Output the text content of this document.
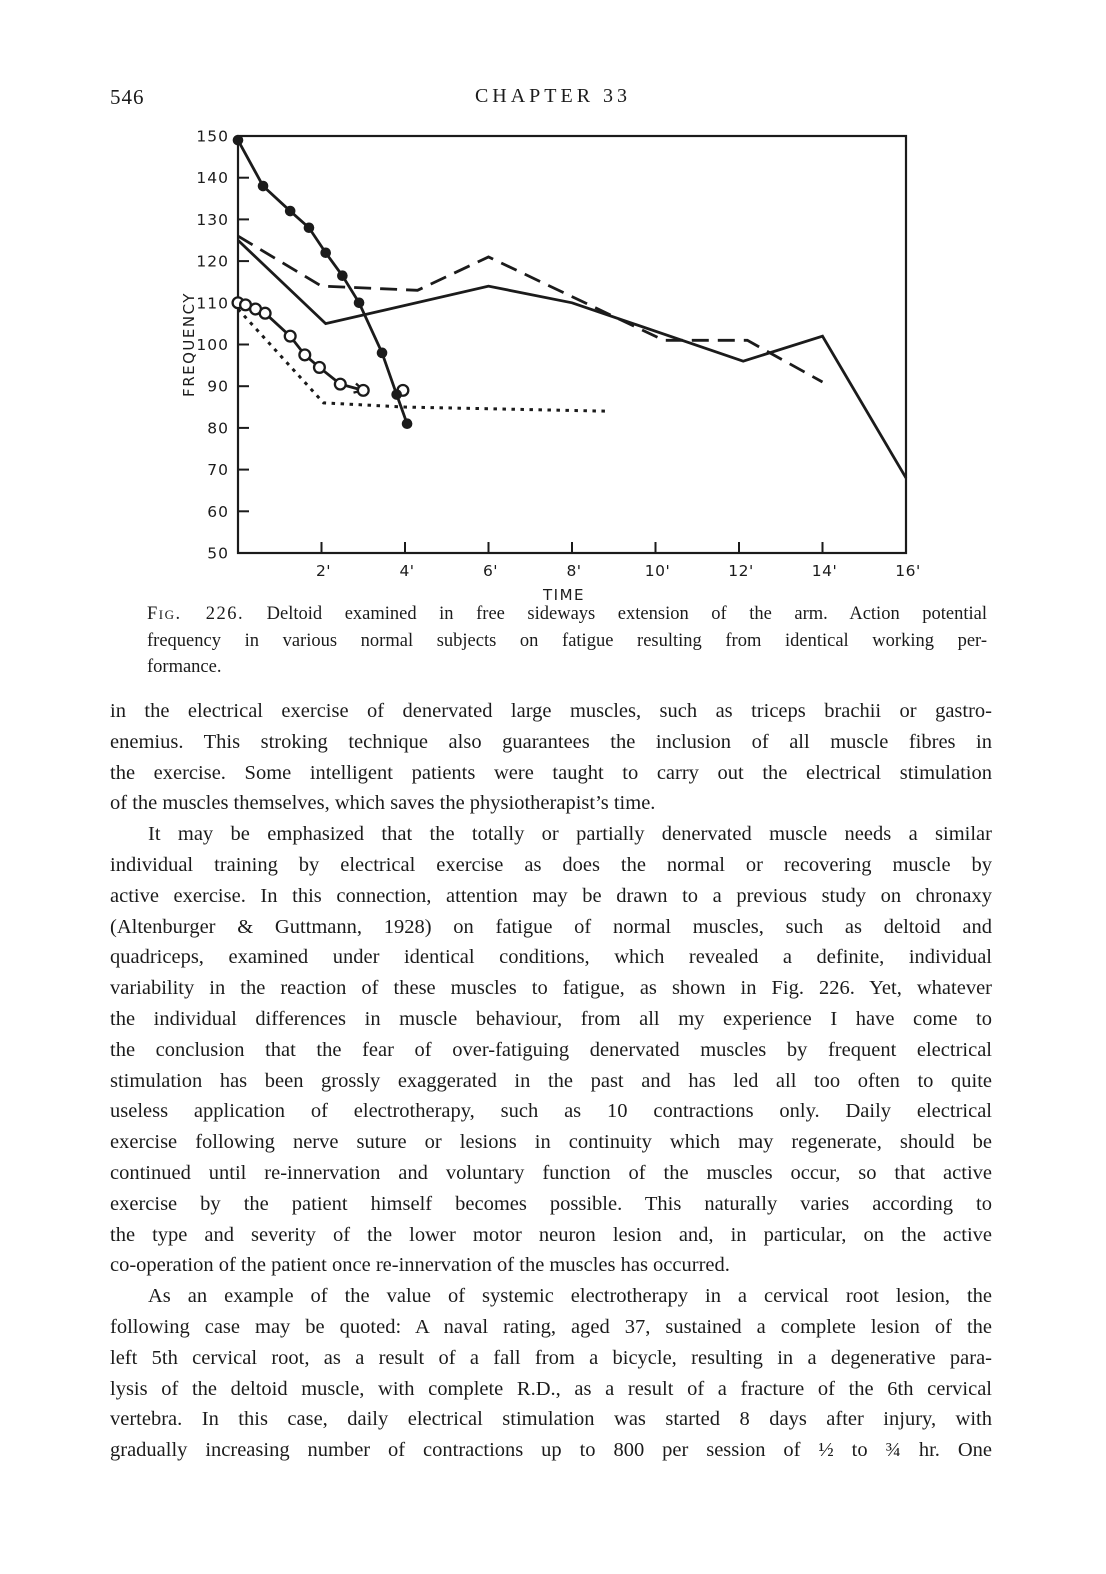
546	CHAPTER 33
50
60
70
80
90
100
110
120
130
140
150
2'	4'	6'	8'	10'	12'	14'	16'
FREQUENCY
TIME
Fig. 226. Deltoid examined in free sideways extension of the arm. Action potential
frequency in various normal subjects on fatigue resulting from identical working per-
formance.
in the electrical exercise of denervated large muscles, such as triceps brachii or gastro-
enemius. This stroking technique also guarantees the inclusion of all muscle fibres in
the exercise. Some intelligent patients were taught to carry out the electrical stimulation
of the muscles themselves, which saves the physiotherapist’s time.
It may be emphasized that the totally or partially denervated muscle needs a similar
individual training by electrical exercise as does the normal or recovering muscle by
active exercise. In this connection, attention may be drawn to a previous study on chronaxy
(Altenburger & Guttmann, 1928) on fatigue of normal muscles, such as deltoid and
quadriceps, examined under identical conditions, which revealed a definite, individual
variability in the reaction of these muscles to fatigue, as shown in Fig. 226. Yet, whatever
the individual differences in muscle behaviour, from all my experience I have come to
the conclusion that the fear of over-fatiguing denervated muscles by frequent electrical
stimulation has been grossly exaggerated in the past and has led all too often to quite
useless application of electrotherapy, such as 10 contractions only. Daily electrical
exercise following nerve suture or lesions in continuity which may regenerate, should be
continued until re-innervation and voluntary function of the muscles occur, so that active
exercise by the patient himself becomes possible. This naturally varies according to
the type and severity of the lower motor neuron lesion and, in particular, on the active
co-operation of the patient once re-innervation of the muscles has occurred.
As an example of the value of systemic electrotherapy in a cervical root lesion, the
following case may be quoted: A naval rating, aged 37, sustained a complete lesion of the
left 5th cervical root, as a result of a fall from a bicycle, resulting in a degenerative para-
lysis of the deltoid muscle, with complete R.D., as a result of a fracture of the 6th cervical
vertebra. In this case, daily electrical stimulation was started 8 days after injury, with
gradually increasing number of contractions up to 800 per session of ½ to ¾ hr. One
